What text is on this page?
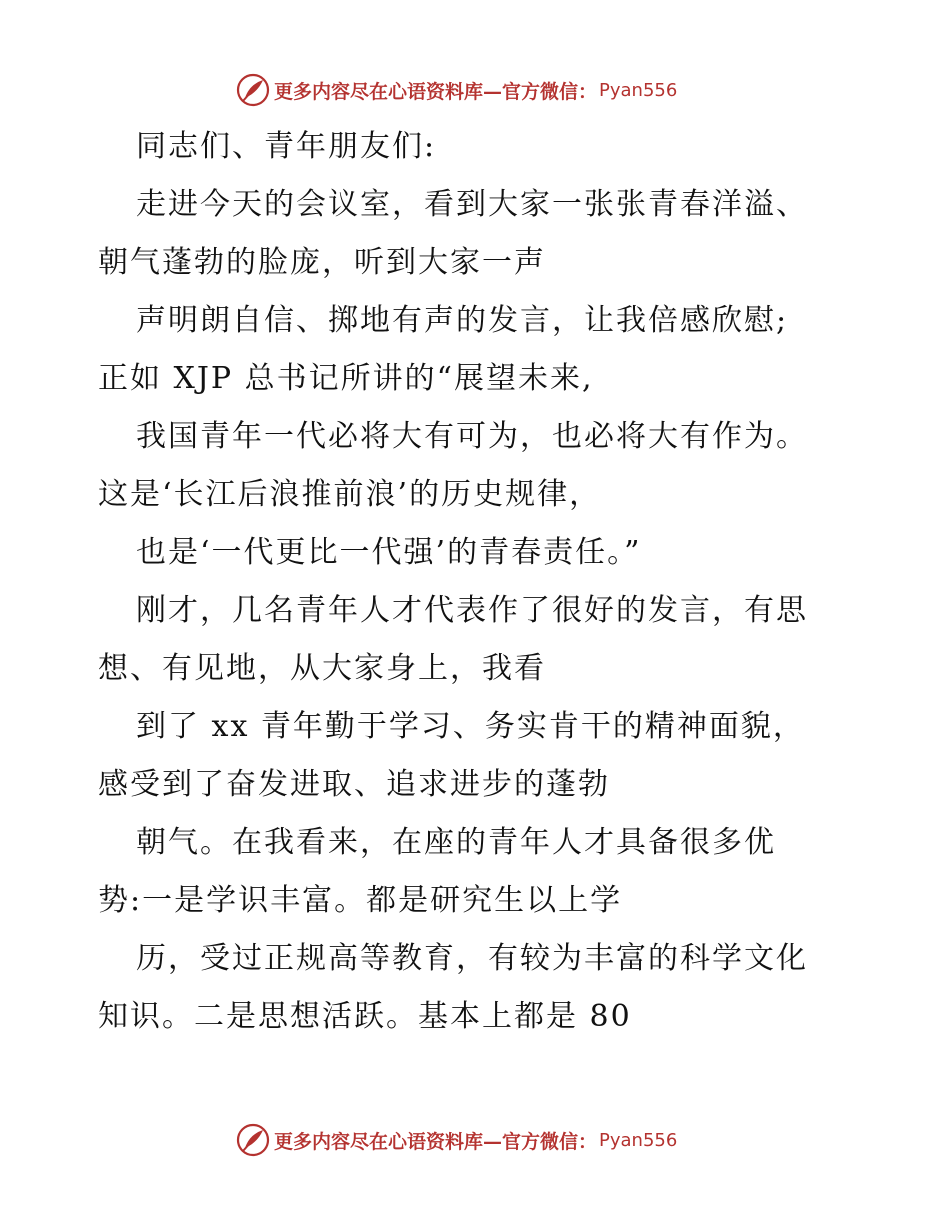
更多内容尽在心语资料库—官方微信： Pyan556
同志们、青年朋友们:
走进今天的会议室，看到大家一张张青春洋溢、
朝气蓬勃的脸庞，听到大家一声
声明朗自信、掷地有声的发言，让我倍感欣慰;
正如 XJP 总书记所讲的“展望未来,
我国青年一代必将大有可为，也必将大有作为。
这是‘长江后浪推前浪’的历史规律，
也是‘一代更比一代强’的青春责任。”
刚才，几名青年人才代表作了很好的发言，有思
想、有见地，从大家身上，我看
到了 xx 青年勤于学习、务实肯干的精神面貌，
感受到了奋发进取、追求进步的蓬勃
朝气。在我看来，在座的青年人才具备很多优
势:一是学识丰富。都是研究生以上学
历，受过正规高等教育，有较为丰富的科学文化
知识。二是思想活跃。基本上都是 80
更多内容尽在心语资料库—官方微信： Pyan556
